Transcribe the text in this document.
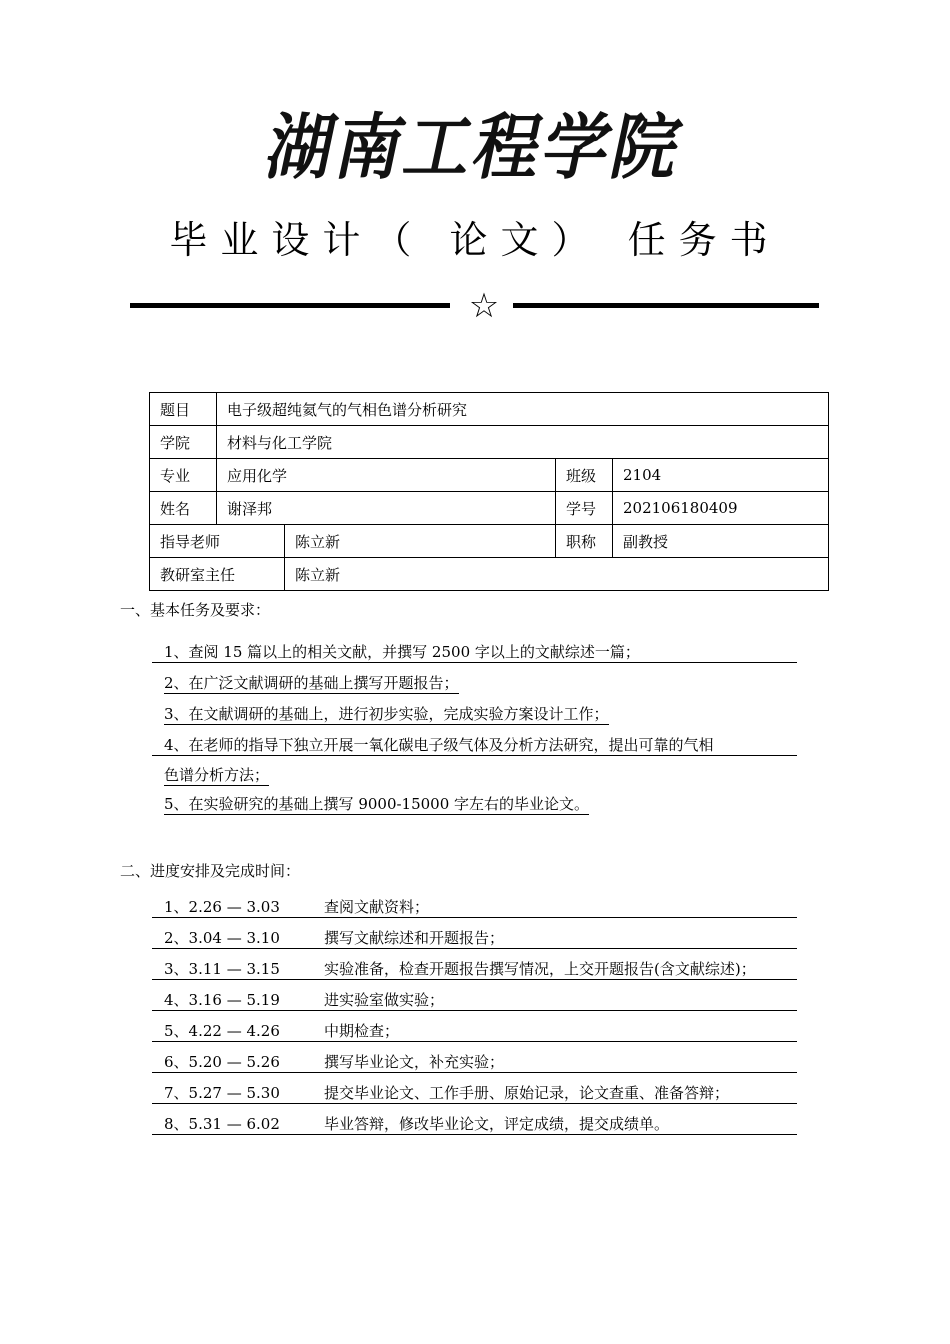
湖南工程学院
毕业设计（ 论文） 任务书
☆
题目	电子级超纯氦气的气相色谱分析研究			
学院	材料与化工学院			
专业	应用化学		班级	2104
姓名	谢泽邦		学号	202106180409
指导老师		陈立新	职称	副教授
教研室主任		陈立新		
一、基本任务及要求：
1、查阅 15 篇以上的相关文献，并撰写 2500 字以上的文献综述一篇；
2、在广泛文献调研的基础上撰写开题报告；
3、在文献调研的基础上，进行初步实验，完成实验方案设计工作；
4、在老师的指导下独立开展一氧化碳电子级气体及分析方法研究，提出可靠的气相
色谱分析方法；
5、在实验研究的基础上撰写 9000-15000 字左右的毕业论文。
二、进度安排及完成时间：
1、2.26 — 3.03	查阅文献资料；
2、3.04 — 3.10	撰写文献综述和开题报告；
3、3.11 — 3.15	实验准备，检查开题报告撰写情况，上交开题报告(含文献综述)；
4、3.16 — 5.19	进实验室做实验；
5、4.22 — 4.26	中期检查；
6、5.20 — 5.26	撰写毕业论文，补充实验；
7、5.27 — 5.30	提交毕业论文、工作手册、原始记录，论文查重、准备答辩；
8、5.31 — 6.02	毕业答辩，修改毕业论文，评定成绩，提交成绩单。
